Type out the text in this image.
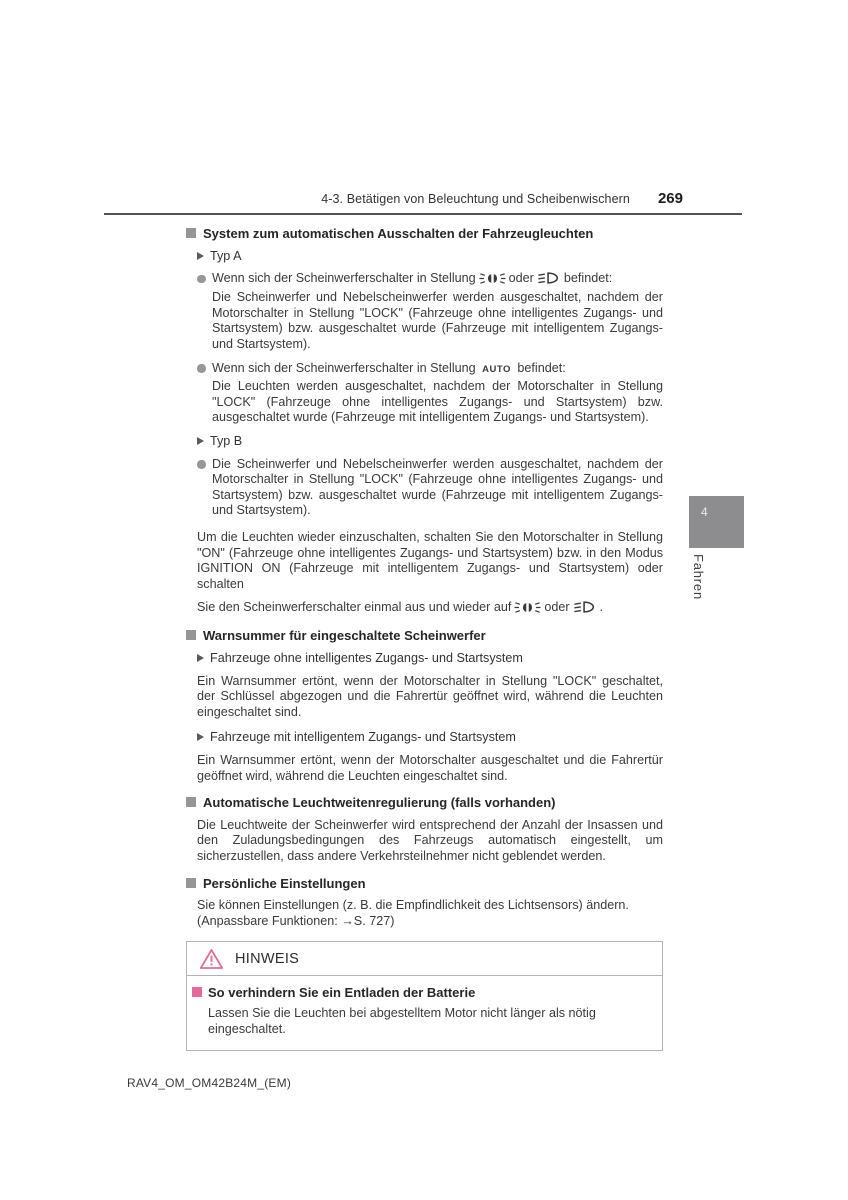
4-3. Betätigen von Beleuchtung und Scheibenwischern 269
4
Fahren
System zum automatischen Ausschalten der Fahrzeugleuchten
Typ A
Wenn sich der Scheinwerferschalter in Stellung	oder befindet:
Die Scheinwerfer und Nebelscheinwerfer werden ausgeschaltet, nachdem der Motorschalter in Stellung "LOCK" (Fahrzeuge ohne intelligentes Zugangs- und Startsystem) bzw. ausgeschaltet wurde (Fahrzeuge mit intelligentem Zugangs- und Startsystem).
Wenn sich der Scheinwerferschalter in Stellung AUTO befindet:
Die Leuchten werden ausgeschaltet, nachdem der Motorschalter in Stellung "LOCK" (Fahrzeuge ohne intelligentes Zugangs- und Startsystem) bzw. ausgeschaltet wurde (Fahrzeuge mit intelligentem Zugangs- und Startsystem).
Typ B
Die Scheinwerfer und Nebelscheinwerfer werden ausgeschaltet, nachdem der Motorschalter in Stellung "LOCK" (Fahrzeuge ohne intelligentes Zugangs- und Startsystem) bzw. ausgeschaltet wurde (Fahrzeuge mit intelligentem Zugangs- und Startsystem).
Um die Leuchten wieder einzuschalten, schalten Sie den Motorschalter in Stellung "ON" (Fahrzeuge ohne intelligentes Zugangs- und Startsystem) bzw. in den Modus IGNITION ON (Fahrzeuge mit intelligentem Zugangs- und Startsystem) oder schalten
Sie den Scheinwerferschalter einmal aus und wieder auf	oder .
Warnsummer für eingeschaltete Scheinwerfer
Fahrzeuge ohne intelligentes Zugangs- und Startsystem
Ein Warnsummer ertönt, wenn der Motorschalter in Stellung "LOCK" geschaltet, der Schlüssel abgezogen und die Fahrertür geöffnet wird, während die Leuchten eingeschaltet sind.
Fahrzeuge mit intelligentem Zugangs- und Startsystem
Ein Warnsummer ertönt, wenn der Motorschalter ausgeschaltet und die Fahrertür geöffnet wird, während die Leuchten eingeschaltet sind.
Automatische Leuchtweitenregulierung (falls vorhanden)
Die Leuchtweite der Scheinwerfer wird entsprechend der Anzahl der Insassen und den Zuladungsbedingungen des Fahrzeugs automatisch eingestellt, um sicherzustellen, dass andere Verkehrsteilnehmer nicht geblendet werden.
Persönliche Einstellungen
Sie können Einstellungen (z. B. die Empfindlichkeit des Lichtsensors) ändern.
(Anpassbare Funktionen: →S. 727)
HINWEIS
So verhindern Sie ein Entladen der Batterie
Lassen Sie die Leuchten bei abgestelltem Motor nicht länger als nötig eingeschaltet.
RAV4_OM_OM42B24M_(EM)
